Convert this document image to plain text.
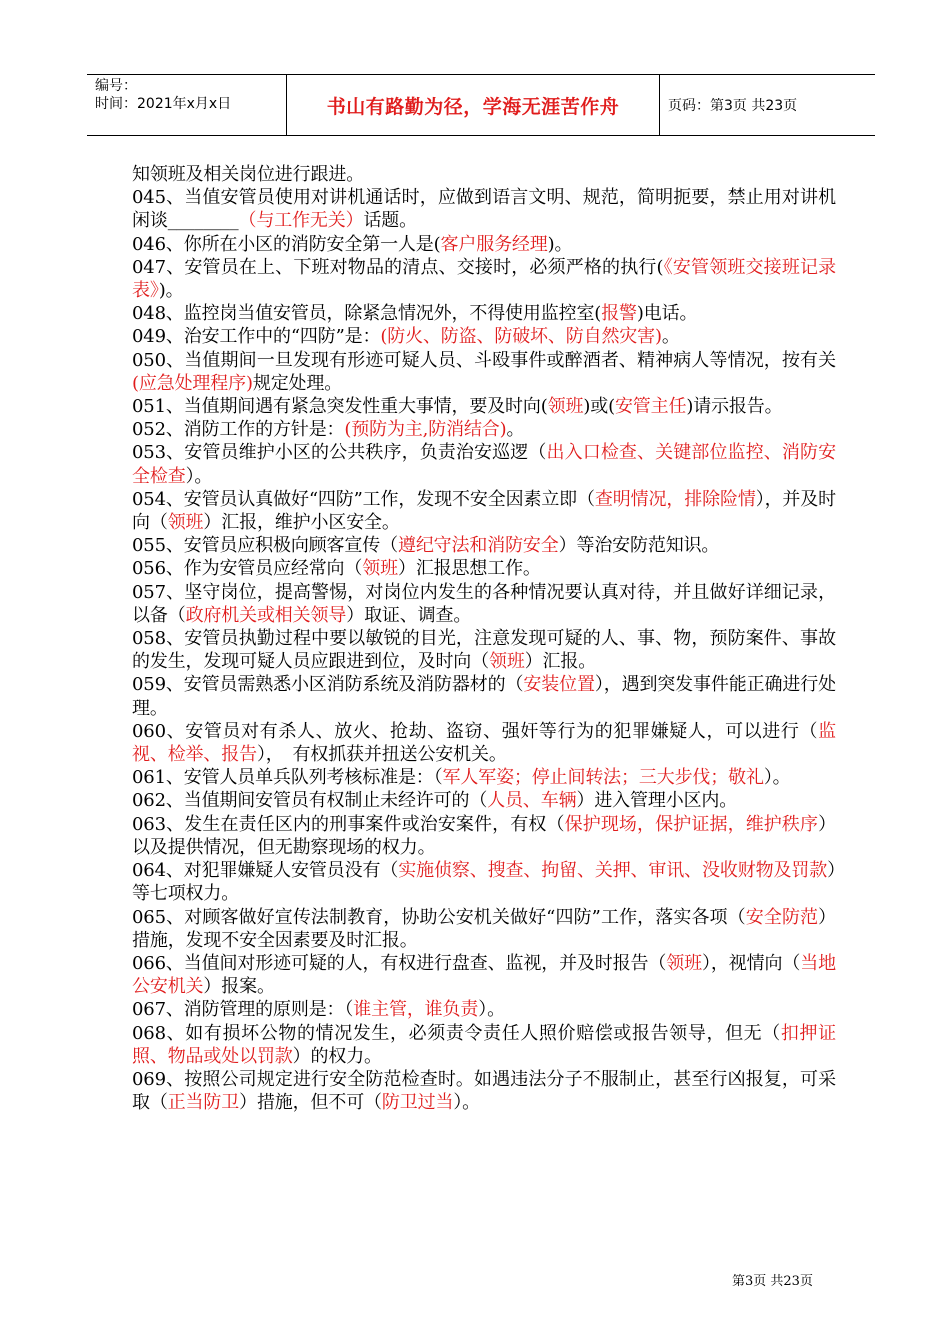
编号：
时间：2021年x月x日	书山有路勤为径，学海无涯苦作舟	页码：第3页 共23页

知领班及相关岗位进行跟进。

045、当值安管员使用对讲机通话时，应做到语言文明、规范，简明扼要，禁止用对讲机闲谈________（与工作无关）话题。

046、你所在小区的消防安全第一人是(客户服务经理)。

047、安管员在上、下班对物品的清点、交接时，必须严格的执行(《安管领班交接班记录表》)。

048、监控岗当值安管员，除紧急情况外，不得使用监控室(报警)电话。

049、治安工作中的“四防”是：(防火、防盗、防破坏、防自然灾害)。

050、当值期间一旦发现有形迹可疑人员、斗殴事件或醉酒者、精神病人等情况，按有关(应急处理程序)规定处理。

051、当值期间遇有紧急突发性重大事情，要及时向(领班)或(安管主任)请示报告。

052、消防工作的方针是：(预防为主,防消结合)。

053、安管员维护小区的公共秩序，负责治安巡逻（出入口检查、关键部位监控、消防安全检查）。

054、安管员认真做好“四防”工作，发现不安全因素立即（查明情况，排除险情），并及时向（领班）汇报，维护小区安全。

055、安管员应积极向顾客宣传（遵纪守法和消防安全）等治安防范知识。

056、作为安管员应经常向（领班）汇报思想工作。

057、坚守岗位，提高警惕，对岗位内发生的各种情况要认真对待，并且做好详细记录，以备（政府机关或相关领导）取证、调查。

058、安管员执勤过程中要以敏锐的目光，注意发现可疑的人、事、物，预防案件、事故的发生，发现可疑人员应跟进到位，及时向（领班）汇报。

059、安管员需熟悉小区消防系统及消防器材的（安装位置），遇到突发事件能正确进行处理。

060、安管员对有杀人、放火、抢劫、盗窃、强奸等行为的犯罪嫌疑人，可以进行（监视、检举、报告），　有权抓获并扭送公安机关。

061、安管人员单兵队列考核标准是：（军人军姿；停止间转法；三大步伐；敬礼）。

062、当值期间安管员有权制止未经许可的（人员、车辆）进入管理小区内。

063、发生在责任区内的刑事案件或治安案件，有权（保护现场，保护证据，维护秩序）以及提供情况，但无勘察现场的权力。

064、对犯罪嫌疑人安管员没有（实施侦察、搜查、拘留、关押、审讯、没收财物及罚款）等七项权力。

065、对顾客做好宣传法制教育，协助公安机关做好“四防”工作，落实各项（安全防范）措施，发现不安全因素要及时汇报。

066、当值间对形迹可疑的人，有权进行盘查、监视，并及时报告（领班），视情向（当地公安机关）报案。

067、消防管理的原则是：（谁主管，谁负责）。

068、如有损坏公物的情况发生，必须责令责任人照价赔偿或报告领导，但无（扣押证照、物品或处以罚款）的权力。

069、按照公司规定进行安全防范检查时。如遇违法分子不服制止，甚至行凶报复，可采取（正当防卫）措施，但不可（防卫过当）。

第3页 共23页
